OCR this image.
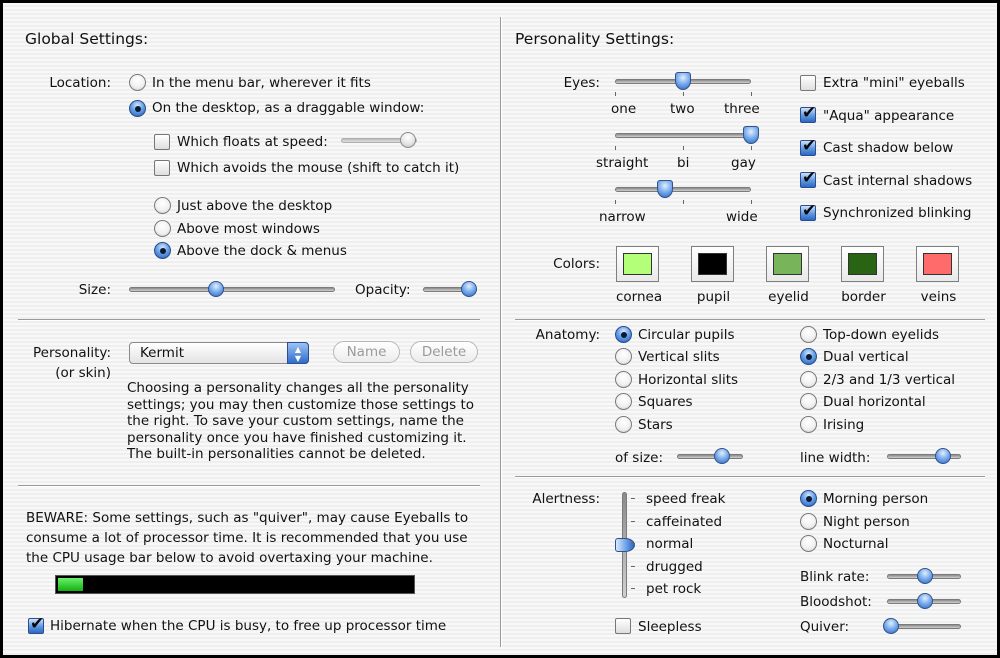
Global Settings:
Location:	In the menu bar, wherever it fits
On the desktop, as a draggable window:
Which floats at speed:
Which avoids the mouse (shift to catch it)
Just above the desktop
Above most windows
Above the dock & menus
Size:	Opacity:
Personality:
(or skin)
Kermit	▲
▼	Name	Delete
Choosing a personality changes all the personality
settings; you may then customize those settings to
the right. To save your custom settings, name the
personality once you have finished customizing it.
The built-in personalities cannot be deleted.
BEWARE: Some settings, such as "quiver", may cause Eyeballs to
consume a lot of processor time. It is recommended that you use
the CPU usage bar below to avoid overtaxing your machine.
✔
Hibernate when the CPU is busy, to free up processor time
Personality Settings:
Eyes:
one	two three
straight bi	gay
narrow	wide
Extra "mini" eyeballs
✔
"Aqua" appearance
✔
Cast shadow below
✔
Cast internal shadows
✔
Synchronized blinking
Colors:
cornea	pupil	eyelid border	veins
Anatomy:	Circular pupils
Vertical slits
Horizontal slits
Squares
Stars
Top-down eyelids
Dual vertical
2/3 and 1/3 vertical
Dual horizontal
Irising
of size:	line width:
Alertness:	speed freak
caffeinated
normal
drugged
pet rock
Sleepless
Morning person
Night person
Nocturnal
Blink rate:
Bloodshot:
Quiver:
